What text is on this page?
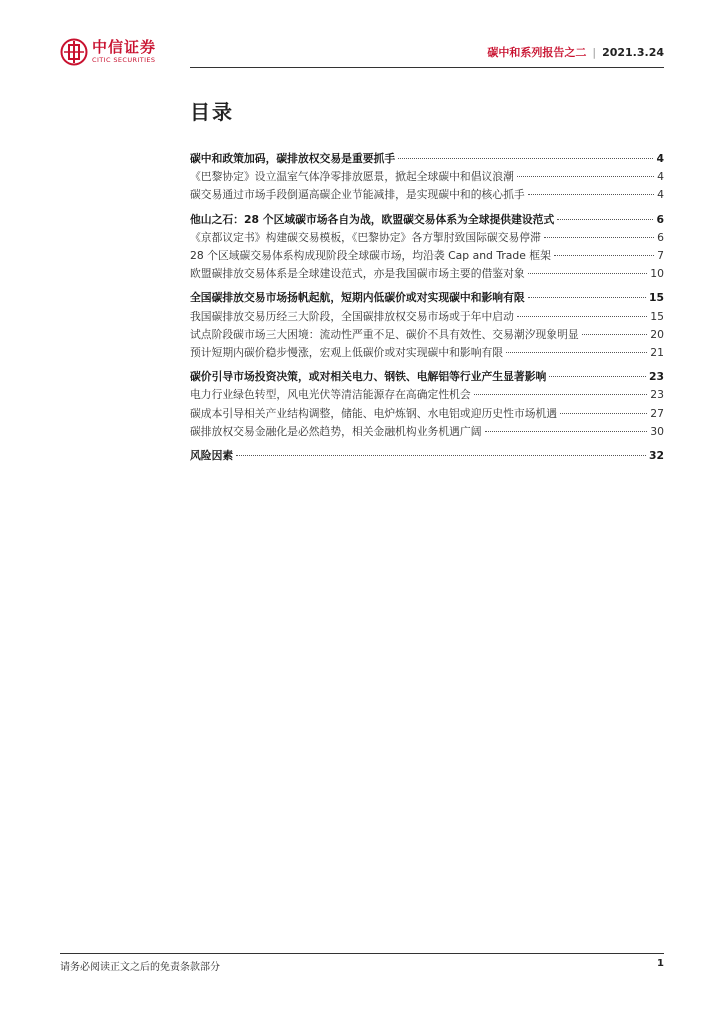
中信证券
CITIC SECURITIES
碳中和系列报告之二 | 2021.3.24
目录
碳中和政策加码，碳排放权交易是重要抓手	4
《巴黎协定》设立温室气体净零排放愿景，掀起全球碳中和倡议浪潮	4
碳交易通过市场手段倒逼高碳企业节能减排，是实现碳中和的核心抓手	4
他山之石：28 个区域碳市场各自为战，欧盟碳交易体系为全球提供建设范式	6
《京都议定书》构建碳交易模板，《巴黎协定》各方掣肘致国际碳交易停滞	6
28 个区域碳交易体系构成现阶段全球碳市场，均沿袭 Cap and Trade 框架	7
欧盟碳排放交易体系是全球建设范式，亦是我国碳市场主要的借鉴对象	10
全国碳排放交易市场扬帆起航，短期内低碳价或对实现碳中和影响有限	15
我国碳排放交易历经三大阶段，全国碳排放权交易市场或于年中启动	15
试点阶段碳市场三大困境：流动性严重不足、碳价不具有效性、交易潮汐现象明显	20
预计短期内碳价稳步慢涨，宏观上低碳价或对实现碳中和影响有限	21
碳价引导市场投资决策，或对相关电力、钢铁、电解铝等行业产生显著影响	23
电力行业绿色转型，风电光伏等清洁能源存在高确定性机会	23
碳成本引导相关产业结构调整，储能、电炉炼钢、水电铝或迎历史性市场机遇	27
碳排放权交易金融化是必然趋势，相关金融机构业务机遇广阔	30
风险因素	32
请务必阅读正文之后的免责条款部分	1
